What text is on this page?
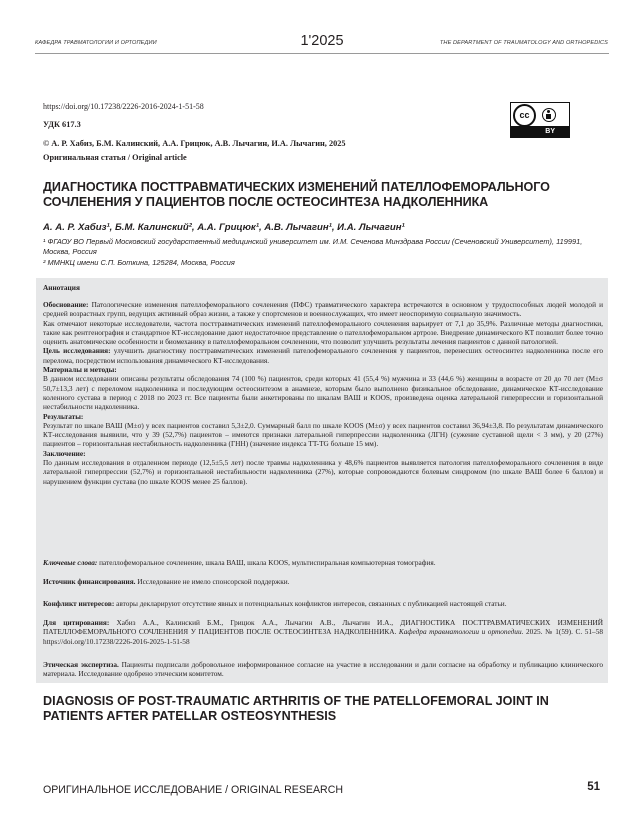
КАФЕДРА ТРАВМАТОЛОГИИ И ОРТОПЕДИИ	1'2025	THE DEPARTMENT OF TRAUMATOLOGY AND ORTHOPEDICS
https://doi.org/10.17238/2226-2016-2024-1-51-58
УДК 617.3
© А. Р. Хабиз, Б.М. Калинский, А.А. Грицюк, А.В. Лычагин, И.А. Лычагин, 2025
Оригинальная статья / Original article
cc
BY
ДИАГНОСТИКА ПОСТТРАВМАТИЧЕСКИХ ИЗМЕНЕНИЙ ПАТЕЛЛОФЕМОРАЛЬНОГО СОЧЛЕНЕНИЯ У ПАЦИЕНТОВ ПОСЛЕ ОСТЕОСИНТЕЗА НАДКОЛЕННИКА
А. А. Р. Хабиз¹, Б.М. Калинский², А.А. Грицюк¹, А.В. Лычагин¹, И.А. Лычагин¹
¹ ФГАОУ ВО Первый Московский государственный медицинский университет им. И.М. Сеченова Минздрава России (Сеченовский Университет), 119991, Москва, Россия
² ММНКЦ имени С.П. Боткина, 125284, Москва, Россия
Аннотация

Обоснование: Патологические изменения пателлофеморального сочленения (ПФС) травматического характера встречаются в основном у трудоспособных людей молодой и средней возрастных групп, ведущих активный образ жизни, а также у спортсменов и военнослужащих, что имеет неоспоримую социальную значимость.

Как отмечают некоторые исследователи, частота посттравматических изменений пателлофеморального сочленения варьирует от 7,1 до 35,9%. Различные методы диагностики, такие как рентгенография и стандартное КТ-исследование дают недостаточное представление о пателлофеморальном артрозе. Внедрение динамического КТ позволит более точно оценить анатомические особенности и биомеханику в пателлофеморальном сочленении, что позволит улучшить результаты лечения пациентов с данной патологией.

Цель исследования: улучшить диагностику посттравматических изменений пателофеморального сочленения у пациентов, перенесших остеосинтез надколенника после его перелома, посредством использования динамического КТ-исследования.

Материалы и методы:

В данном исследовании описаны результаты обследования 74 (100 %) пациентов, среди которых 41 (55,4 %) мужчина и 33 (44,6 %) женщины в возрасте от 20 до 70 лет (М±σ 50,7±13,3 лет) с переломом надколенника и последующим остеосинтезом в анамнезе, которым было выполнено физикальное обследование, динамическое КТ-исследование коленного сустава в период с 2018 по 2023 гг. Все пациенты были анкетированы по шкалам ВАШ и KOOS, произведена оценка латеральной гиперпрессии и горизонтальной нестабильности надколенника.

Результаты:

Результат по шкале ВАШ (М±σ) у всех пациентов составил 5,3±2,0. Суммарный балл по шкале KOOS (М±σ) у всех пациентов составил 36,94±3,8. По результатам динамического КТ-исследования выявили, что у 39 (52,7%) пациентов – имеются признаки латеральной гиперпрессии надколенника (ЛГН) (сужение суставной щели < 3 мм), у 20 (27%) пациентов – горизонтальная нестабильность надколенника (ГНН) (значение индекса TT-TG больше 15 мм).

Заключение:

По данным исследования в отдаленном периоде (12,5±5,5 лет) после травмы надколенника у 48,6% пациентов выявляется патология пателлофеморального сочленения в виде латеральной гиперпрессии (52,7%) и горизонтальной нестабильности надколенника (27%), которые сопровождаются болевым синдромом (по шкале ВАШ более 6 баллов) и нарушением функции сустава (по шкале KOOS менее 25 баллов).

Ключевые слова: пателлофеморальное сочленение, шкала ВАШ, шкала KOOS, мультиспиральная компьютерная томография.
Источник финансирования. Исследование не имело спонсорской поддержки.
Конфликт интересов: авторы декларируют отсутствие явных и потенциальных конфликтов интересов, связанных с публикацией настоящей статьи.
Для цитирования: Хабиз А.А., Калинский Б.М., Грицюк А.А., Лычагин А.В., Лычагин И.А., ДИАГНОСТИКА ПОСТТРАВМАТИЧЕСКИХ ИЗМЕНЕНИЙ ПАТЕЛЛОФЕМОРАЛЬНОГО СОЧЛЕНЕНИЯ У ПАЦИЕНТОВ ПОСЛЕ ОСТЕОСИНТЕЗА НАДКОЛЕННИКА. Кафедра травматологии и ортопедии. 2025. № 1(59). С. 51–58 https://doi.org/10.17238/2226-2016-2025-1-51-58
Этическая экспертиза. Пациенты подписали добровольное информированное согласие на участие в исследовании и дали согласие на обработку и публикацию клинического материала. Исследование одобрено этическим комитетом.
DIAGNOSIS OF POST-TRAUMATIC ARTHRITIS OF THE PATELLOFEMORAL JOINT IN PATIENTS AFTER PATELLAR OSTEOSYNTHESIS
ОРИГИНАЛЬНОЕ ИССЛЕДОВАНИЕ / ORIGINAL RESEARCH	51
